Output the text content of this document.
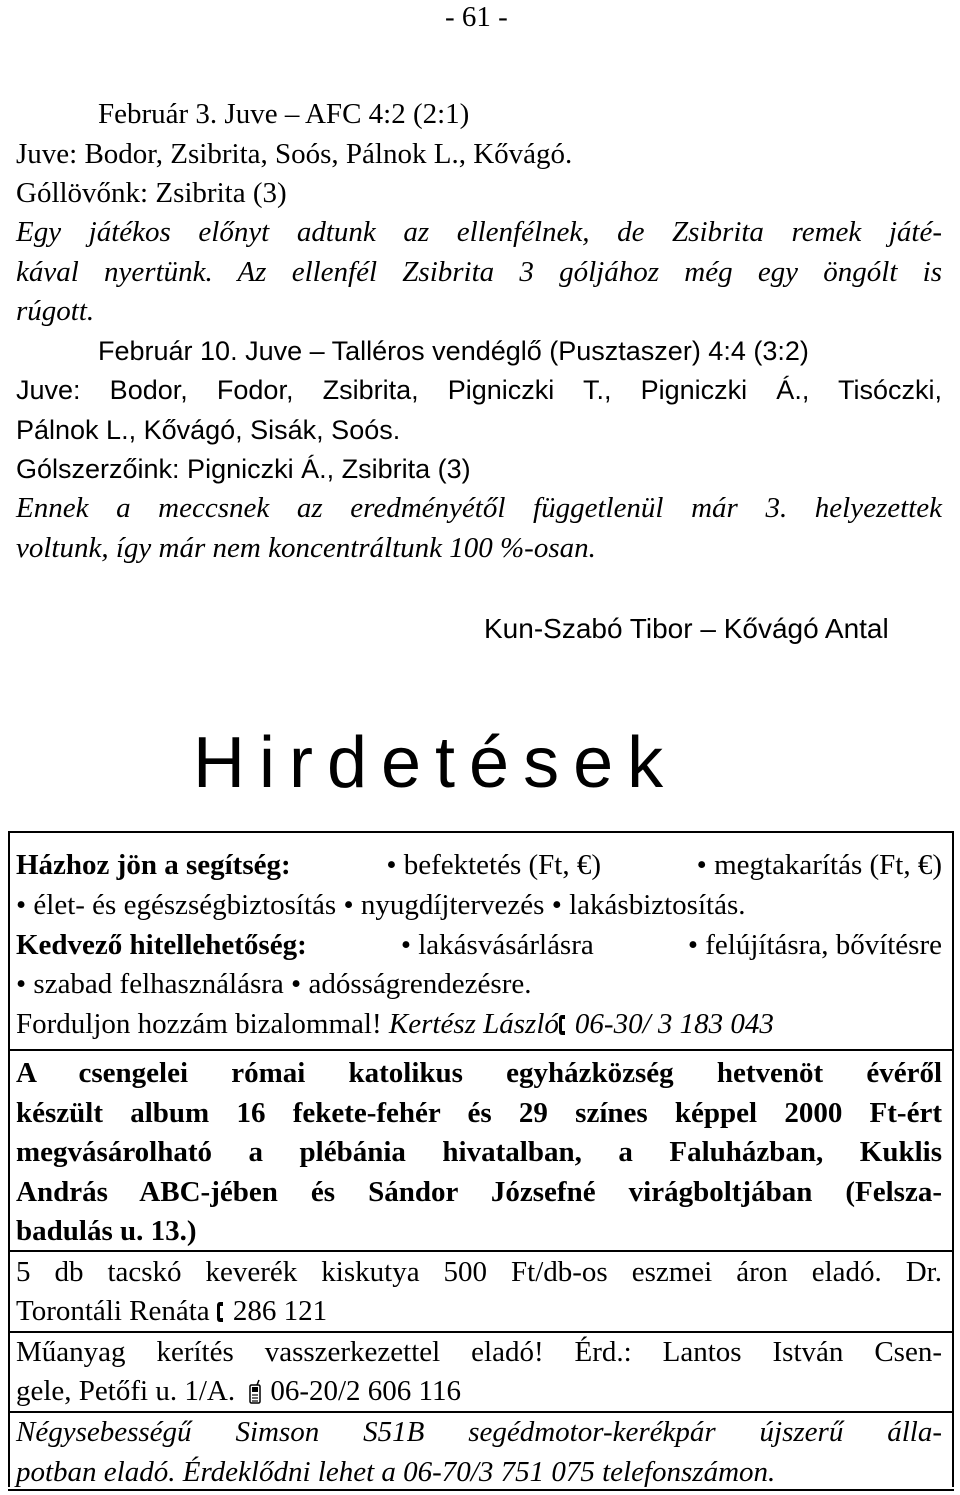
- 61 -
Február 3. Juve – AFC 4:2 (2:1)
Juve: Bodor, Zsibrita, Soós, Pálnok L., Kővágó.
Góllövőnk: Zsibrita (3)
Egy játékos előnyt adtunk az ellenfélnek, de Zsibrita remek játé-
kával nyertünk. Az ellenfél Zsibrita 3 góljához még egy öngólt is
rúgott.
Február 10. Juve – Talléros vendéglő (Pusztaszer) 4:4 (3:2)
Juve: Bodor, Fodor, Zsibrita, Pigniczki T., Pigniczki Á., Tisóczki,
Pálnok L., Kővágó, Sisák, Soós.
Gólszerzőink: Pigniczki Á., Zsibrita (3)
Ennek a meccsnek az eredményétől függetlenül már 3. helyezettek
voltunk, így már nem koncentráltunk 100 %-osan.
Kun-Szabó Tibor – Kővágó Antal
Hirdetések
Házhoz jön a segítség:	• befektetés (Ft, €)	• megtakarítás (Ft, €)
• élet- és egészségbiztosítás • nyugdíjtervezés • lakásbiztosítás.
Kedvező hitellehetőség:	• lakásvásárlásra	• felújításra, bővítésre
• szabad felhasználásra • adósságrendezésre.
Forduljon hozzám bizalommal! Kertész László 06-30/ 3 183 043
A csengelei római katolikus egyházközség hetvenöt évéről
készült album 16 fekete-fehér és 29 színes képpel 2000 Ft-ért
megvásárolható a plébánia hivatalban, a Faluházban, Kuklis
András ABC-jében és Sándor Józsefné virágboltjában (Felsza-
badulás u. 13.)
5 db tacskó keverék kiskutya 500 Ft/db-os eszmei áron eladó. Dr.
Torontáli Renáta 286 121
Műanyag kerítés vasszerkezettel eladó! Érd.: Lantos István Csen-
gele, Petőfi u. 1/A. 06-20/2 606 116
Négysebességű Simson S51B segédmotor-kerékpár újszerű álla-
potban eladó. Érdeklődni lehet a 06-70/3 751 075 telefonszámon.
